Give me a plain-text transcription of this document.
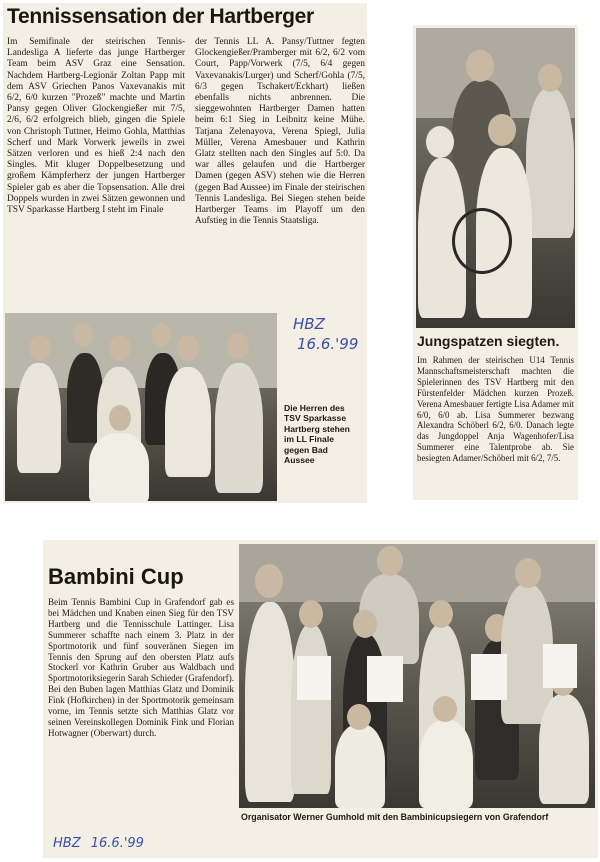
Tennissensation der Hartberger

Im Semifinale der steirischen Tennis-Landesliga A lieferte das junge Hartberger Team beim ASV Graz eine Sensation. Nachdem Hartberg-Legionär Zoltan Papp mit dem ASV Griechen Panos Vaxevanakis mit 6/2, 6/0 kurzen "Prozeß" machte und Martin Pansy gegen Oliver Glockengießer mit 7/5, 2/6, 6/2 erfolgreich blieb, gingen die Spiele von Christoph Tuttner, Heimo Gohla, Matthias Scherf und Mark Vorwerk jeweils in zwei Sätzen verloren und es hieß 2:4 nach den Singles. Mit kluger Doppelbesetzung und großem Kämpferherz der jungen Hartberger Spieler gab es aber die Topsensation. Alle drei Doppels wurden in zwei Sätzen gewonnen und TSV Sparkasse Hartberg I steht im Finale

der Tennis LL A. Pansy/Tuttner fegten Glockengießer/Pramberger mit 6/2, 6/2 vom Court, Papp/Vorwerk (7/5, 6/4 gegen Vaxevanakis/Lurger) und Scherf/Gohla (7/5, 6/3 gegen Tschakert/Eckhart) ließen ebenfalls nichts anbrennen. Die sieggewohnten Hartberger Damen hatten beim 6:1 Sieg in Leibnitz keine Mühe. Tatjana Zelenayova, Verena Spiegl, Julia Müller, Verena Amesbauer und Kathrin Glatz stellten nach den Singles auf 5:0. Da war alles gelaufen und die Hartberger Damen (gegen ASV) stehen wie die Herren (gegen Bad Aussee) im Finale der steirischen Tennis Landesliga. Bei Siegen stehen beide Hartberger Teams im Playoff um den Aufstieg in die Tennis Staatsliga.

HBZ
16.6.'99

Die Herren des TSV Sparkasse Hartberg stehen im LL Finale gegen Bad Aussee

Jungspatzen siegten.

Im Rahmen der steirischen U14 Tennis Mannschaftsmeisterschaft machten die Spielerinnen des TSV Hartberg mit den Fürstenfelder Mädchen kurzen Prozeß. Verena Amesbauer fertigte Lisa Adamer mit 6/0, 6/0 ab. Lisa Summerer bezwang Alexandra Schöberl 6/2, 6/0. Danach legte das Jungdoppel Anja Wagenhofer/Lisa Summerer eine Talentprobe ab. Sie besiegten Adamer/Schöberl mit 6/2, 7/5.

Bambini Cup

Beim Tennis Bambini Cup in Grafendorf gab es bei Mädchen und Knaben einen Sieg für den TSV Hartberg und die Tennisschule Lattinger. Lisa Summerer schaffte nach einem 3. Platz in der Sportmotorik und fünf souveränen Siegen im Tennis den Sprung auf den obersten Platz aufs Stockerl vor Kathrin Gruber aus Waldbach und Sportmotoriksiegerin Sarah Schieder (Grafendorf). Bei den Buben lagen Matthias Glatz und Dominik Fink (Hofkirchen) in der Sportmotorik gemeinsam vorne, im Tennis setzte sich Matthias Glatz vor seinen Vereinskollegen Dominik Fink und Florian Hotwagner (Oberwart) durch.

Organisator Werner Gumhold mit den Bambinicupsiegern von Grafendorf

HBZ 16.6.'99
